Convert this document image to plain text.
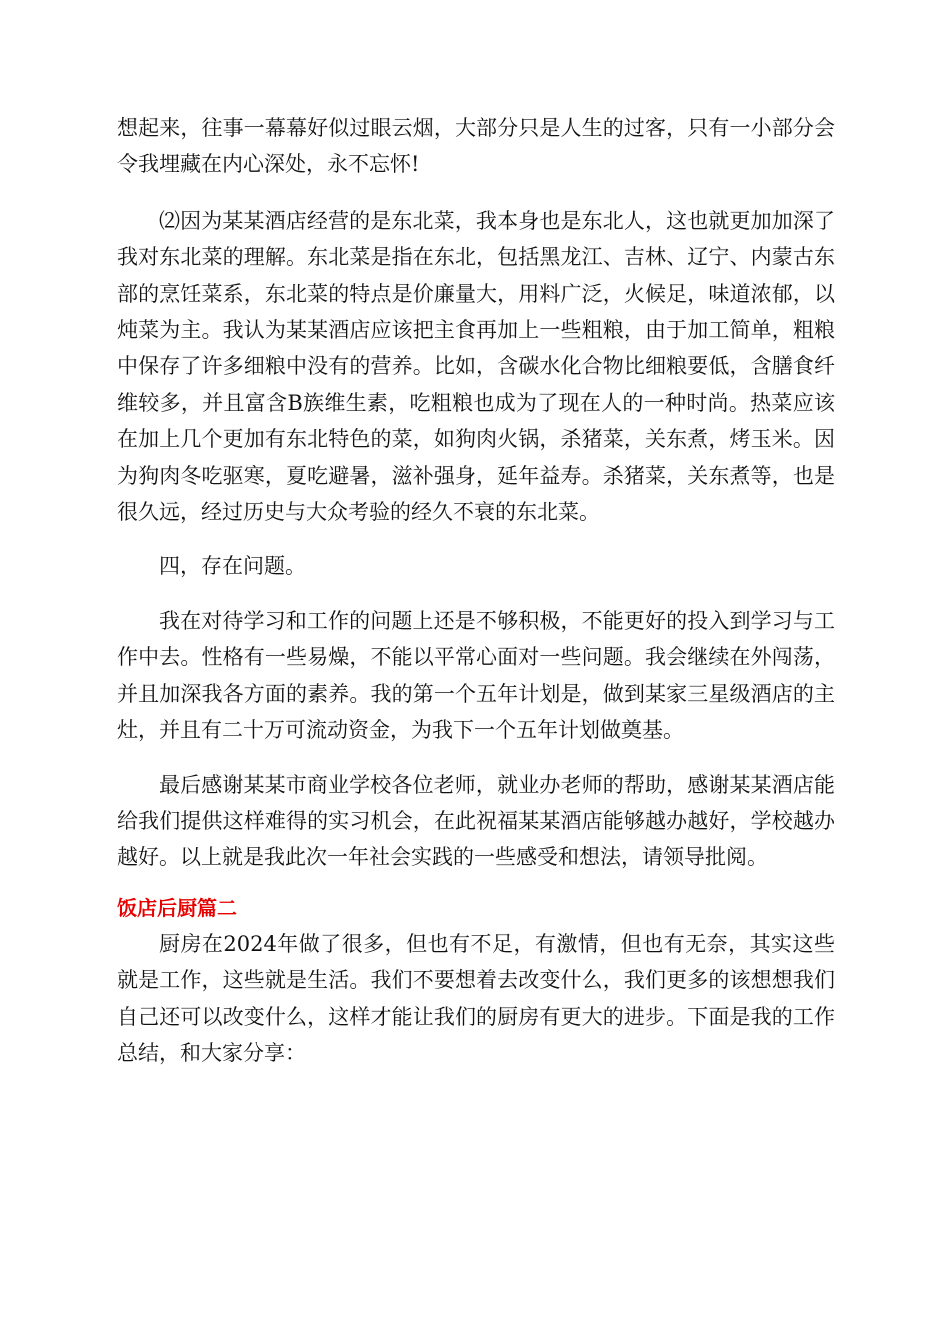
想起来，往事一幕幕好似过眼云烟，大部分只是人生的过客，只有一小部分会令我埋藏在内心深处，永不忘怀!

⑵因为某某酒店经营的是东北菜，我本身也是东北人，这也就更加加深了我对东北菜的理解。东北菜是指在东北，包括黑龙江、吉林、辽宁、内蒙古东部的烹饪菜系，东北菜的特点是价廉量大，用料广泛，火候足，味道浓郁，以炖菜为主。我认为某某酒店应该把主食再加上一些粗粮，由于加工简单，粗粮中保存了许多细粮中没有的营养。比如，含碳水化合物比细粮要低，含膳食纤维较多，并且富含B族维生素，吃粗粮也成为了现在人的一种时尚。热菜应该在加上几个更加有东北特色的菜，如狗肉火锅，杀猪菜，关东煮，烤玉米。因为狗肉冬吃驱寒，夏吃避暑，滋补强身，延年益寿。杀猪菜，关东煮等，也是很久远，经过历史与大众考验的经久不衰的东北菜。

四，存在问题。

我在对待学习和工作的问题上还是不够积极，不能更好的投入到学习与工作中去。性格有一些易燥，不能以平常心面对一些问题。我会继续在外闯荡，并且加深我各方面的素养。我的第一个五年计划是，做到某家三星级酒店的主灶，并且有二十万可流动资金，为我下一个五年计划做奠基。

最后感谢某某市商业学校各位老师，就业办老师的帮助，感谢某某酒店能给我们提供这样难得的实习机会，在此祝福某某酒店能够越办越好，学校越办越好。以上就是我此次一年社会实践的一些感受和想法，请领导批阅。

饭店后厨篇二

厨房在2024年做了很多，但也有不足，有激情，但也有无奈，其实这些就是工作，这些就是生活。我们不要想着去改变什么，我们更多的该想想我们自己还可以改变什么，这样才能让我们的厨房有更大的进步。下面是我的工作总结，和大家分享：
